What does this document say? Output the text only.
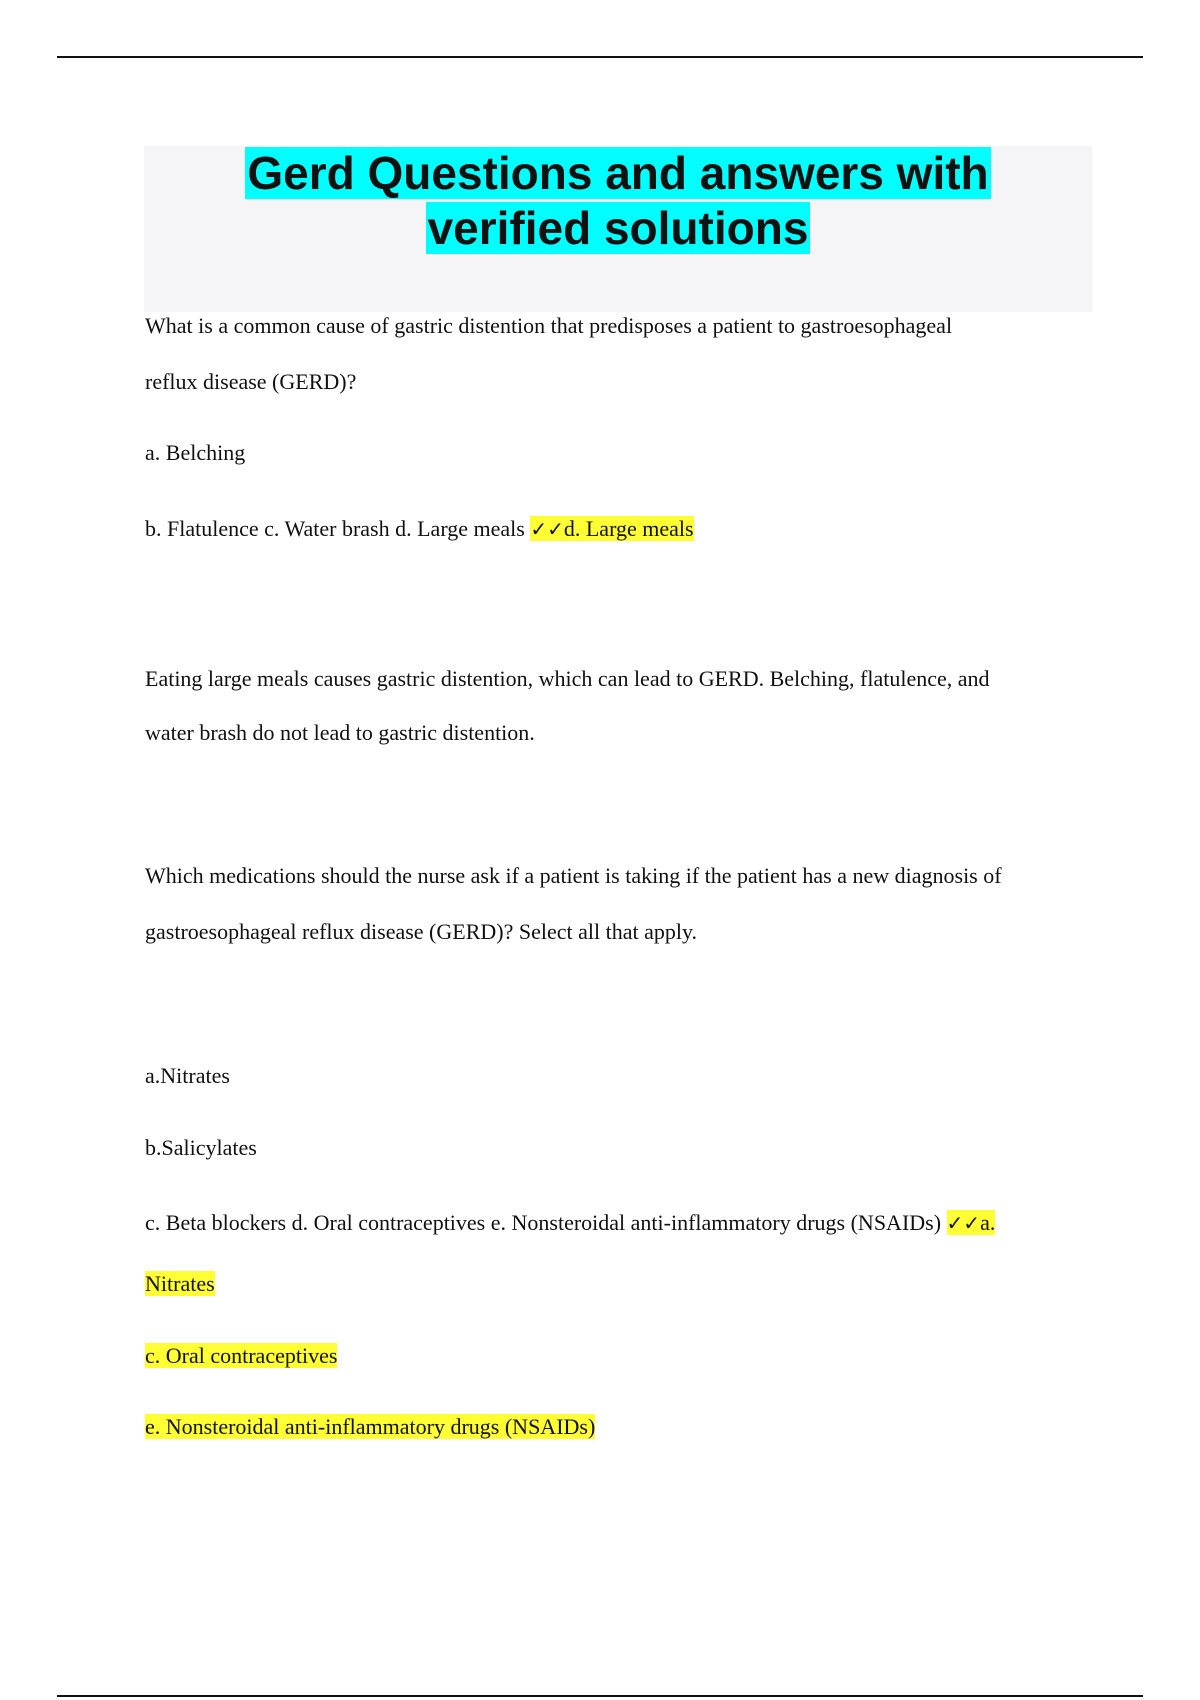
Gerd Questions and answers with
verified solutions

What is a common cause of gastric distention that predisposes a patient to gastroesophageal

reflux disease (GERD)?

a. Belching

b. Flatulence c. Water brash d. Large meals ✓✓d. Large meals

Eating large meals causes gastric distention, which can lead to GERD. Belching, flatulence, and

water brash do not lead to gastric distention.

Which medications should the nurse ask if a patient is taking if the patient has a new diagnosis of

gastroesophageal reflux disease (GERD)? Select all that apply.

a.Nitrates

b.Salicylates

c. Beta blockers d. Oral contraceptives e. Nonsteroidal anti-inflammatory drugs (NSAIDs) ✓✓a.

Nitrates

c. Oral contraceptives

e. Nonsteroidal anti-inflammatory drugs (NSAIDs)
